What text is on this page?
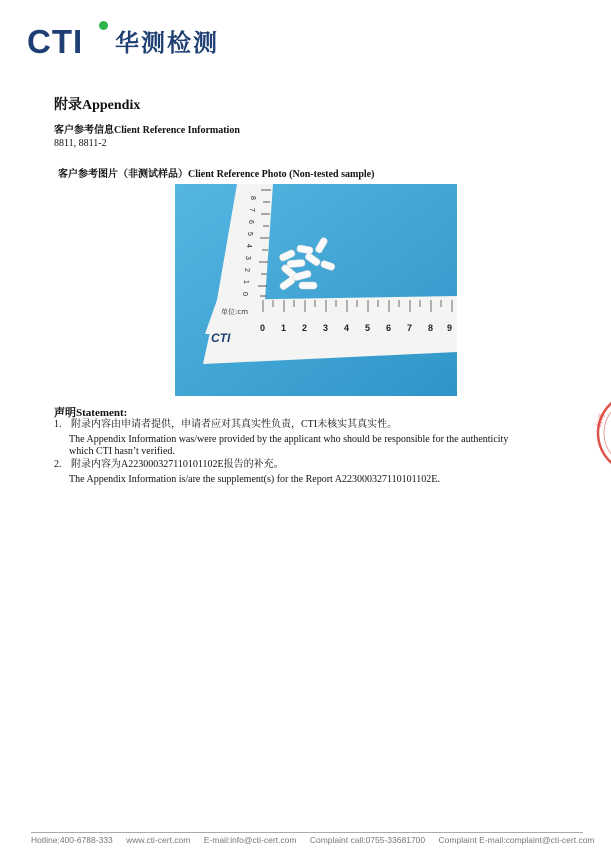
CTI 华测检测
附录Appendix
客户参考信息Client Reference Information
8811, 8811-2
客户参考图片（非测试样品）Client Reference Photo (Non-tested sample)
8
7
6
5
4
3
2
1
0
0 1 2 3 4 5 6 7 8 9
单位:cm
CTI
声明Statement:
1. 附录内容由申请者提供，申请者应对其真实性负责，CTI未核实其真实性。
The Appendix Information was/were provided by the applicant who should be responsible for the authenticity
which CTI hasn’t verified.
2. 附录内容为A223000327110101102E报告的补充。
The Appendix Information is/are the supplement(s) for the Report A223000327110101102E.
公司
Hotline:400-6788-333 www.cti-cert.com E-mail:info@cti-cert.com Complaint call:0755-33681700 Complaint E-mail:complaint@cti-cert.com
